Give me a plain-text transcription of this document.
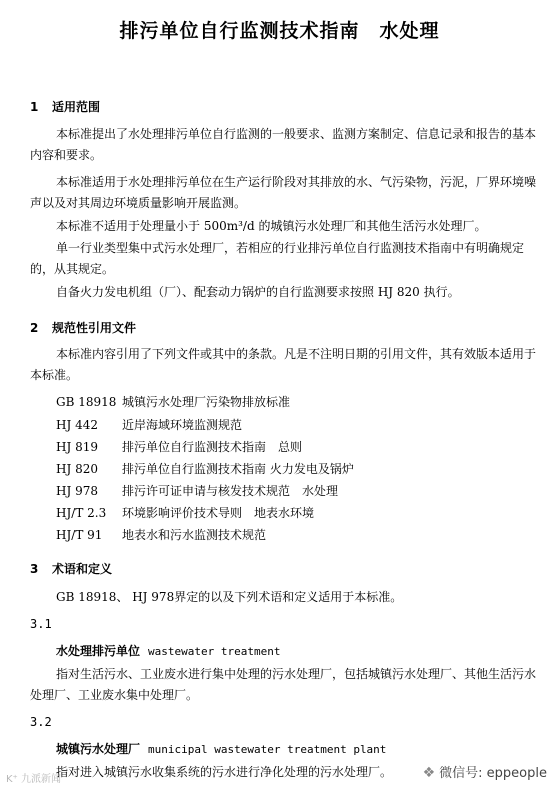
排污单位自行监测技术指南　水处理
1 适用范围
本标准提出了水处理排污单位自行监测的一般要求、监测方案制定、信息记录和报告的基本内容和要求。
本标准适用于水处理排污单位在生产运行阶段对其排放的水、气污染物，污泥，厂界环境噪声以及对其周边环境质量影响开展监测。
本标准不适用于处理量小于 500m³/d 的城镇污水处理厂和其他生活污水处理厂。
单一行业类型集中式污水处理厂，若相应的行业排污单位自行监测技术指南中有明确规定的，从其规定。
自备火力发电机组（厂）、配套动力锅炉的自行监测要求按照 HJ 820 执行。
2 规范性引用文件
本标准内容引用了下列文件或其中的条款。凡是不注明日期的引用文件，其有效版本适用于本标准。
GB 18918 城镇污水处理厂污染物排放标准
HJ 442 近岸海域环境监测规范
HJ 819 排污单位自行监测技术指南　总则
HJ 820 排污单位自行监测技术指南 火力发电及锅炉
HJ 978 排污许可证申请与核发技术规范　水处理
HJ/T 2.3 环境影响评价技术导则　地表水环境
HJ/T 91 地表水和污水监测技术规范
3 术语和定义
GB 18918、 HJ 978界定的以及下列术语和定义适用于本标准。
3.1
水处理排污单位 wastewater treatment
指对生活污水、工业废水进行集中处理的污水处理厂，包括城镇污水处理厂、其他生活污水处理厂、工业废水集中处理厂。
3.2
城镇污水处理厂 municipal wastewater treatment plant
指对进入城镇污水收集系统的污水进行净化处理的污水处理厂。
K⁺ 九派新闻	❖ 微信号: eppeople
